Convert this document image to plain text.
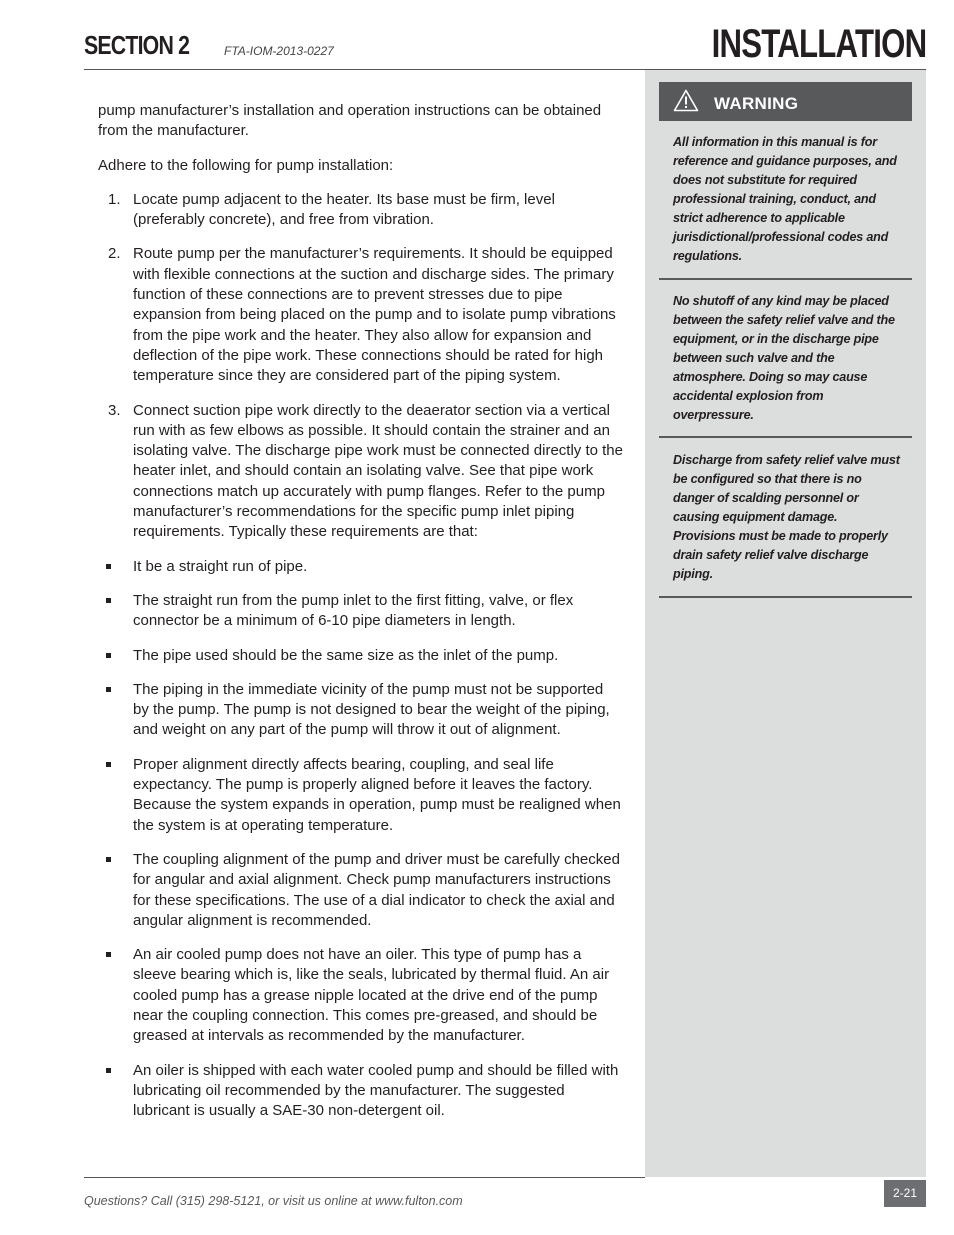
SECTION 2	FTA-IOM-2013-0227	INSTALLATION
WARNING
All information in this manual is for reference and guidance purposes, and does not substitute for required professional training, conduct, and strict adherence to applicable jurisdictional/professional codes and regulations.
No shutoff of any kind may be placed between the safety relief valve and the equipment, or in the discharge pipe between such valve and the atmosphere. Doing so may cause accidental explosion from overpressure.
Discharge from safety relief valve must be configured so that there is no danger of scalding personnel or causing equipment damage. Provisions must be made to properly drain safety relief valve discharge piping.

pump manufacturer’s installation and operation instructions can be obtained from the manufacturer.

Adhere to the following for pump installation:

1. Locate pump adjacent to the heater. Its base must be firm, level (preferably concrete), and free from vibration.
2. Route pump per the manufacturer’s requirements. It should be equipped with flexible connections at the suction and discharge sides. The primary function of these connections are to prevent stresses due to pipe expansion from being placed on the pump and to isolate pump vibrations from the pipe work and the heater. They also allow for expansion and deflection of the pipe work. These connections should be rated for high temperature since they are considered part of the piping system.
3. Connect suction pipe work directly to the deaerator section via a vertical run with as few elbows as possible. It should contain the strainer and an isolating valve. The discharge pipe work must be connected directly to the heater inlet, and should contain an isolating valve. See that pipe work connections match up accurately with pump flanges. Refer to the pump manufacturer’s recommendations for the specific pump inlet piping requirements. Typically these requirements are that:
It be a straight run of pipe.
The straight run from the pump inlet to the first fitting, valve, or flex connector be a minimum of 6-10 pipe diameters in length.
The pipe used should be the same size as the inlet of the pump.
The piping in the immediate vicinity of the pump must not be supported by the pump. The pump is not designed to bear the weight of the piping, and weight on any part of the pump will throw it out of alignment.
Proper alignment directly affects bearing, coupling, and seal life expectancy. The pump is properly aligned before it leaves the factory. Because the system expands in operation, pump must be realigned when the system is at operating temperature.
The coupling alignment of the pump and driver must be carefully checked for angular and axial alignment. Check pump manufacturers instructions for these specifications. The use of a dial indicator to check the axial and angular alignment is recommended.
An air cooled pump does not have an oiler. This type of pump has a sleeve bearing which is, like the seals, lubricated by thermal fluid. An air cooled pump has a grease nipple located at the drive end of the pump near the coupling connection. This comes pre-greased, and should be greased at intervals as recommended by the manufacturer.
An oiler is shipped with each water cooled pump and should be filled with lubricating oil recommended by the manufacturer. The suggested lubricant is usually a SAE-30 non-detergent oil.
Questions? Call (315) 298-5121, or visit us online at www.fulton.com
2-21
